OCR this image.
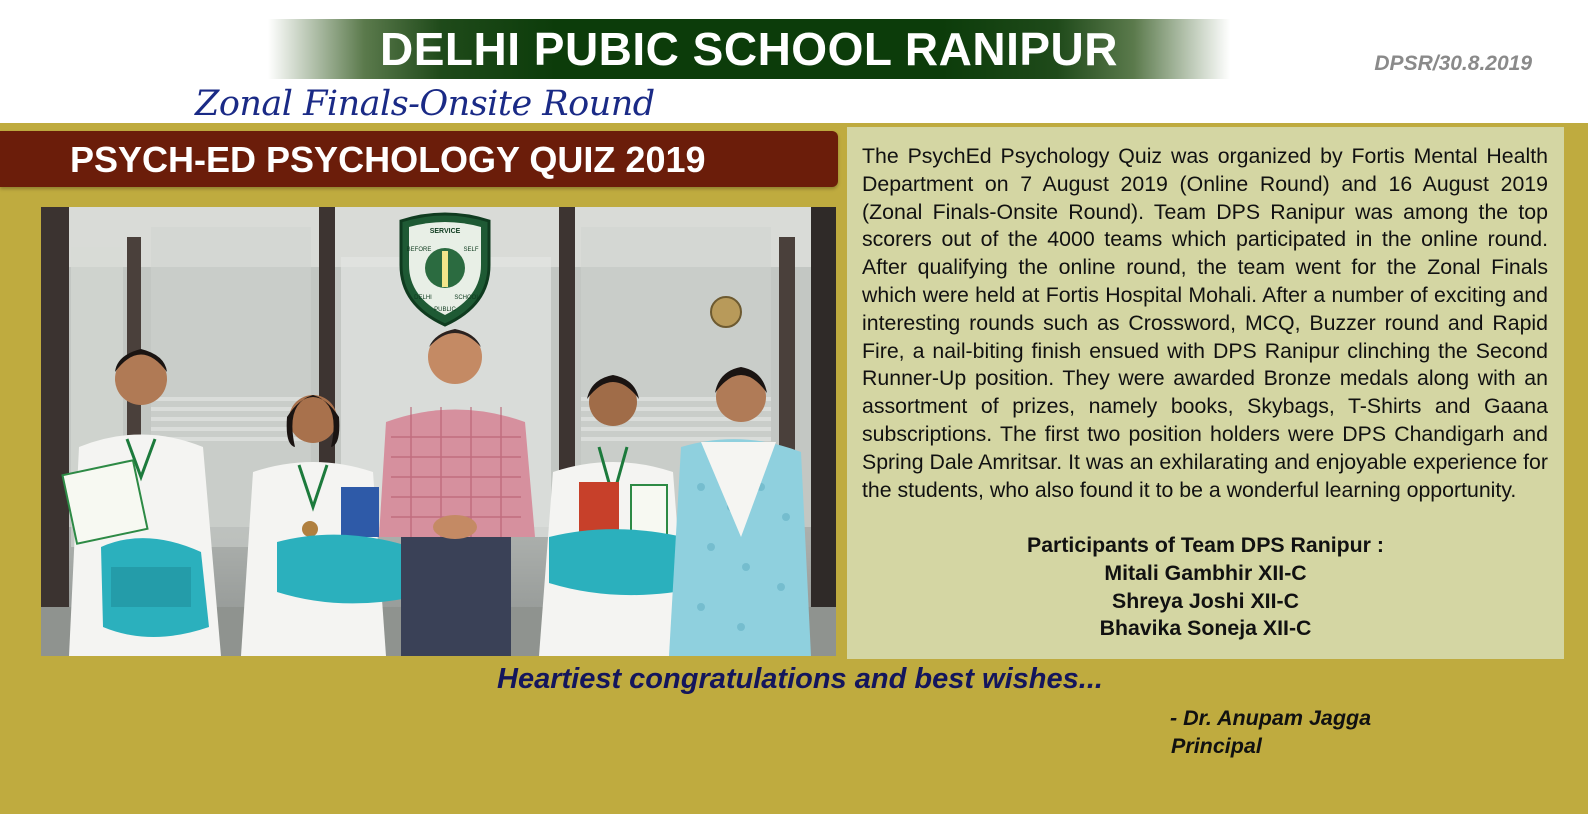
DELHI PUBIC SCHOOL RANIPUR	DPSR/30.8.2019
Zonal Finals-Onsite Round
PSYCH-ED PSYCHOLOGY QUIZ 2019
SERVICE
BEFORE	SELF
DELHI
PUBLIC
SCHOOL
The PsychEd Psychology Quiz was organized by Fortis Mental Health Department on 7 August 2019 (Online Round) and 16 August 2019 (Zonal Finals-Onsite Round). Team DPS Ranipur was among the top scorers out of the 4000 teams which participated in the online round. After qualifying the online round, the team went for the Zonal Finals which were held at Fortis Hospital Mohali. After a number of exciting and interesting rounds such as Crossword, MCQ, Buzzer round and Rapid Fire, a nail-biting finish ensued with DPS Ranipur clinching the Second Runner-Up position. They were awarded Bronze medals along with an assortment of prizes, namely books, Skybags, T-Shirts and Gaana subscriptions. The first two position holders were DPS Chandigarh and Spring Dale Amritsar. It was an exhilarating and enjoyable experience for the students, who also found it to be a wonderful learning opportunity.
Participants of Team DPS Ranipur :
Mitali Gambhir XII-C
Shreya Joshi XII-C
Bhavika Soneja XII-C
Heartiest congratulations and best wishes...
- Dr. Anupam Jagga
Principal
